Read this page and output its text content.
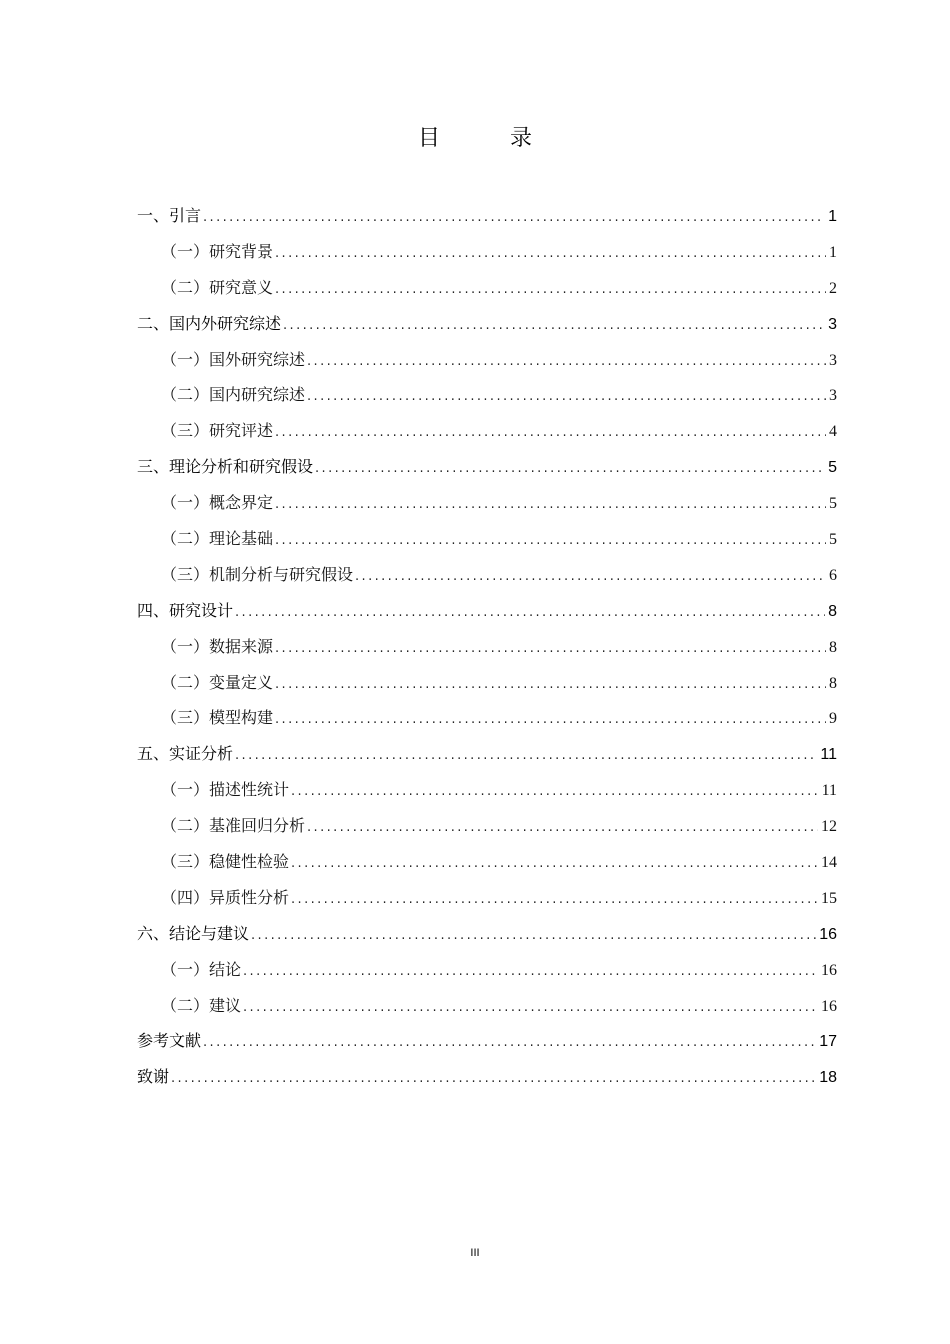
目　录
一、引言 .....	1
（一）研究背景 .....	1
（二）研究意义 .....	2
二、国内外研究综述 .....	3
（一）国外研究综述 .....	3
（二）国内研究综述 .....	3
（三）研究评述 .....	4
三、理论分析和研究假设 .....	5
（一）概念界定 .....	5
（二）理论基础 .....	5
（三）机制分析与研究假设 .....	6
四、研究设计 .....	8
（一）数据来源 .....	8
（二）变量定义 .....	8
（三）模型构建 .....	9
五、实证分析 .....	11
（一）描述性统计 .....	11
（二）基准回归分析 .....	12
（三）稳健性检验 .....	14
（四）异质性分析 .....	15
六、结论与建议 .....	16
（一）结论 .....	16
（二）建议 .....	16
参考文献 .....	17
致谢 .....	18
III
